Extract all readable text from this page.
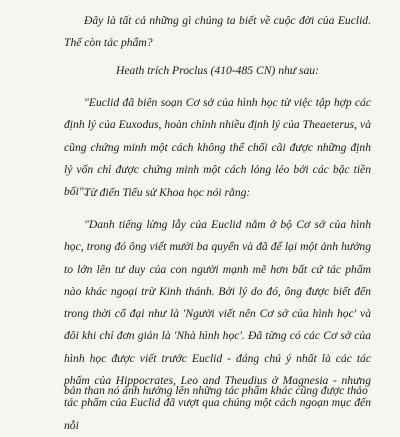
Đây là tất cả những gì chúng ta biết về cuộc đời của Euclid. Thế còn tác phẩm?

Heath trích Proclus (410-485 CN) như sau:

"Euclid đã biên soạn Cơ sở của hình học từ việc tập hợp các định lý của Euxodus, hoàn chỉnh nhiều định lý của Theaeterus, và cũng chứng minh một cách không thể chối cãi được những định lý vốn chỉ được chứng minh một cách lỏng lẻo bởi các bậc tiền bối".

Từ điển Tiểu sử Khoa học nói rằng:

"Danh tiếng lừng lẫy của Euclid nằm ở bộ Cơ sở của hình học, trong đó ông viết mười ba quyển và đã để lại một ảnh hưởng to lớn lên tư duy của con người mạnh mẽ hơn bất cứ tác phẩm nào khác ngoại trừ Kinh thánh. Bởi lý do đó, ông được biết đến trong thời cổ đại như là 'Người viết nên Cơ sở của hình học' và đôi khi chỉ đơn giản là 'Nhà hình học'. Đã từng có các Cơ sở của hình học được viết trước Euclid - đáng chú ý nhất là các tác phẩm của Hippocrates, Leo and Theudius ở Magnesia - nhưng tác phẩm của Euclid đã vượt qua chúng một cách ngoạn mục đến nỗi

bản than nó ảnh hưởng lên những tác phẩm khác cũng được thảo
